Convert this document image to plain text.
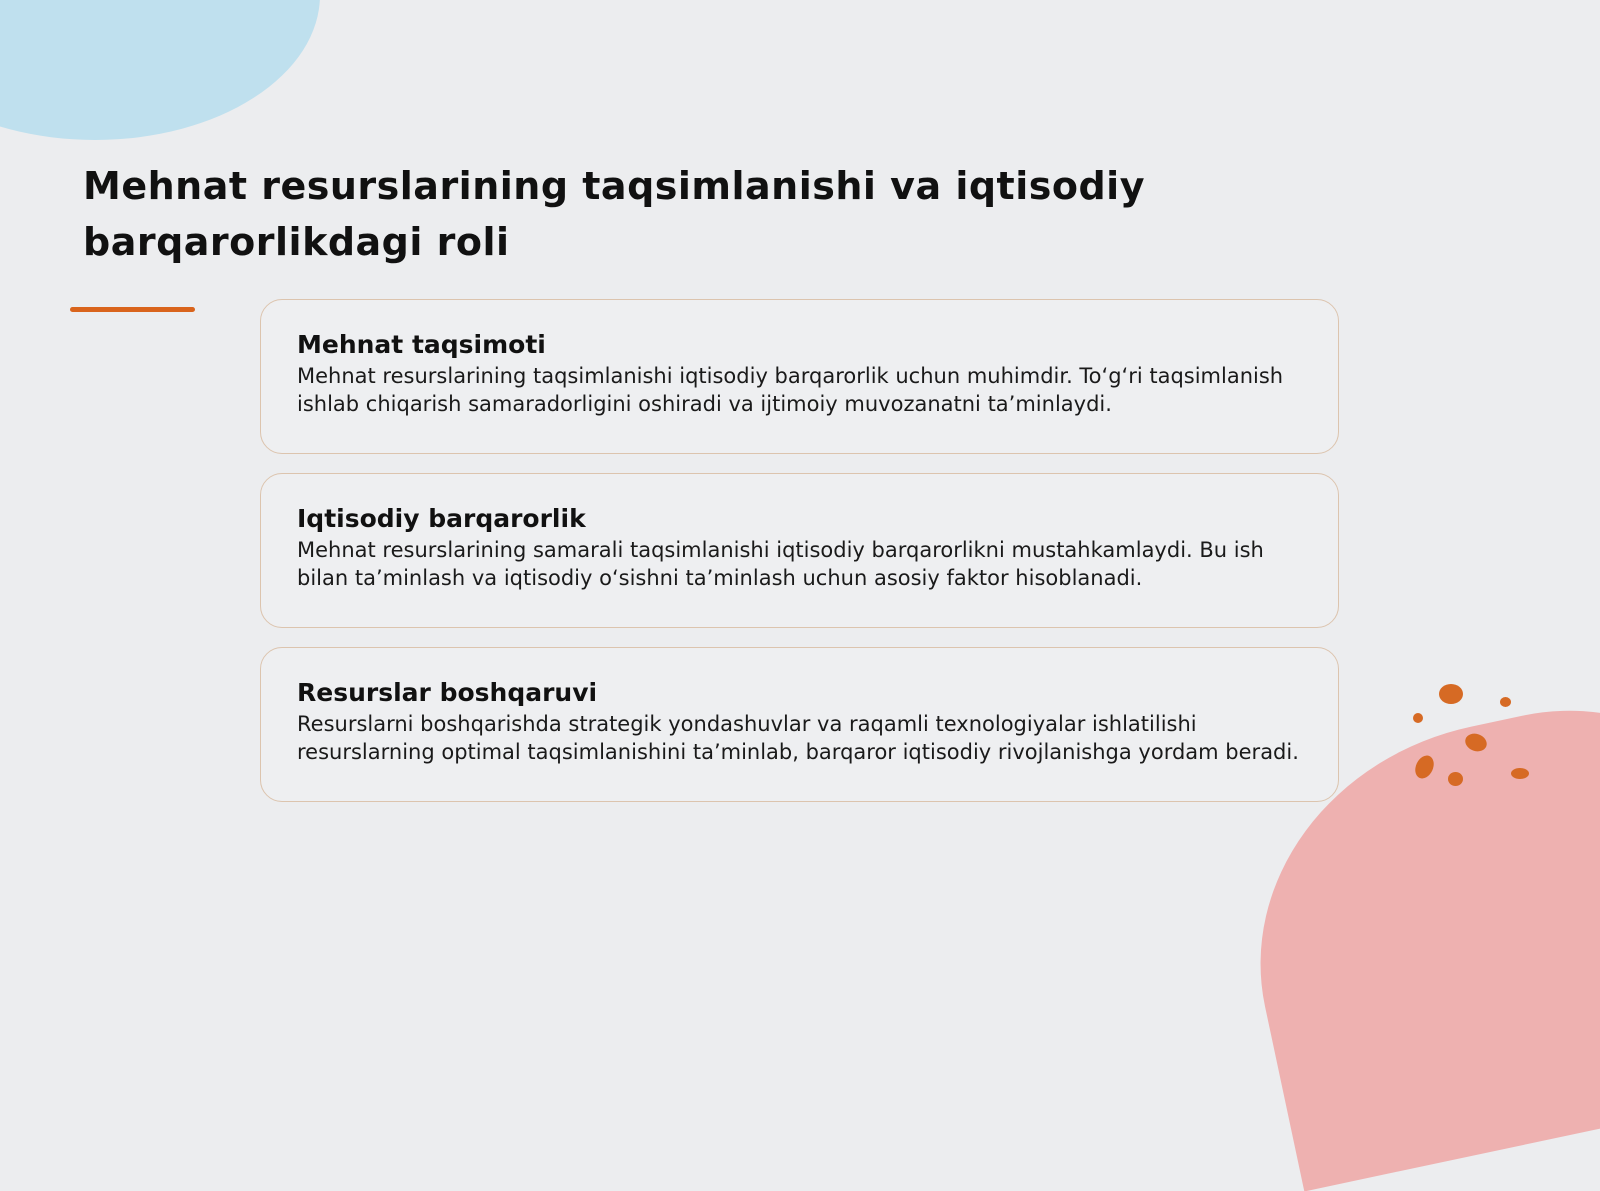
Mehnat resurslarining taqsimlanishi va iqtisodiy barqarorlikdagi roli
Mehnat taqsimoti

Mehnat resurslarining taqsimlanishi iqtisodiy barqarorlik uchun muhimdir. To‘g‘ri taqsimlanish ishlab chiqarish samaradorligini oshiradi va ijtimoiy muvozanatni ta’minlaydi.

Iqtisodiy barqarorlik

Mehnat resurslarining samarali taqsimlanishi iqtisodiy barqarorlikni mustahkamlaydi. Bu ish bilan ta’minlash va iqtisodiy o‘sishni ta’minlash uchun asosiy faktor hisoblanadi.

Resurslar boshqaruvi

Resurslarni boshqarishda strategik yondashuvlar va raqamli texnologiyalar ishlatilishi resurslarning optimal taqsimlanishini ta’minlab, barqaror iqtisodiy rivojlanishga yordam beradi.
